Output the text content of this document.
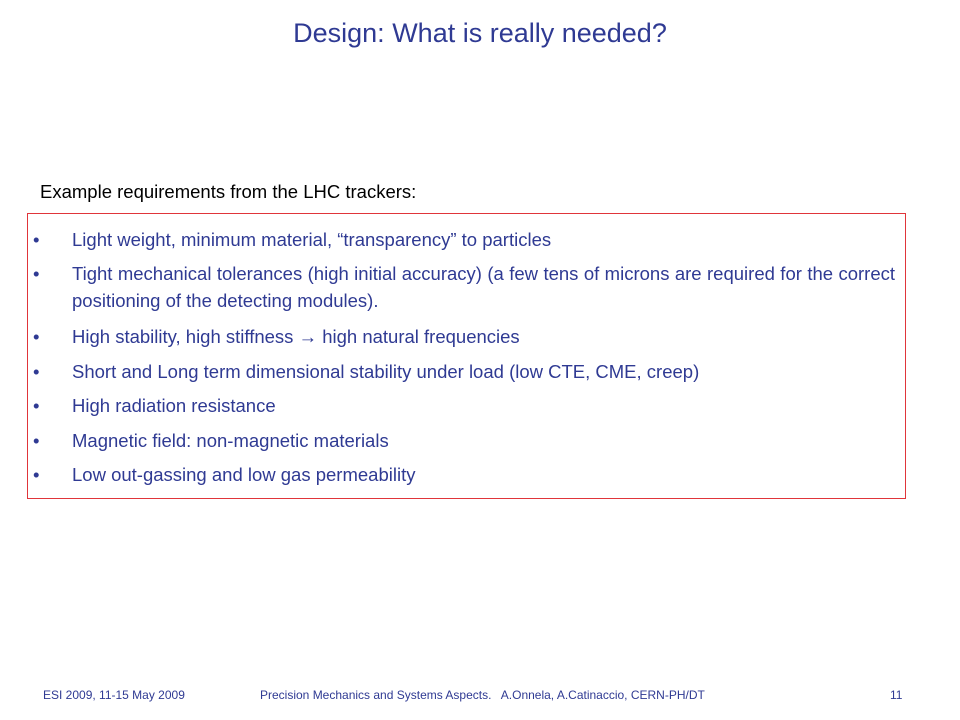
Design: What is really needed?
Example requirements from the LHC trackers:
• Light weight, minimum material, “transparency” to particles
• Tight mechanical tolerances (high initial accuracy) (a few tens of microns are required for the correct positioning of the detecting modules).
• High stability, high stiffness → high natural frequencies
• Short and Long term dimensional stability under load (low CTE, CME, creep)
• High radiation resistance
• Magnetic field: non-magnetic materials
• Low out-gassing and low gas permeability
ESI 2009, 11-15 May 2009	Precision Mechanics and Systems Aspects.   A.Onnela, A.Catinaccio, CERN-PH/DT	11
